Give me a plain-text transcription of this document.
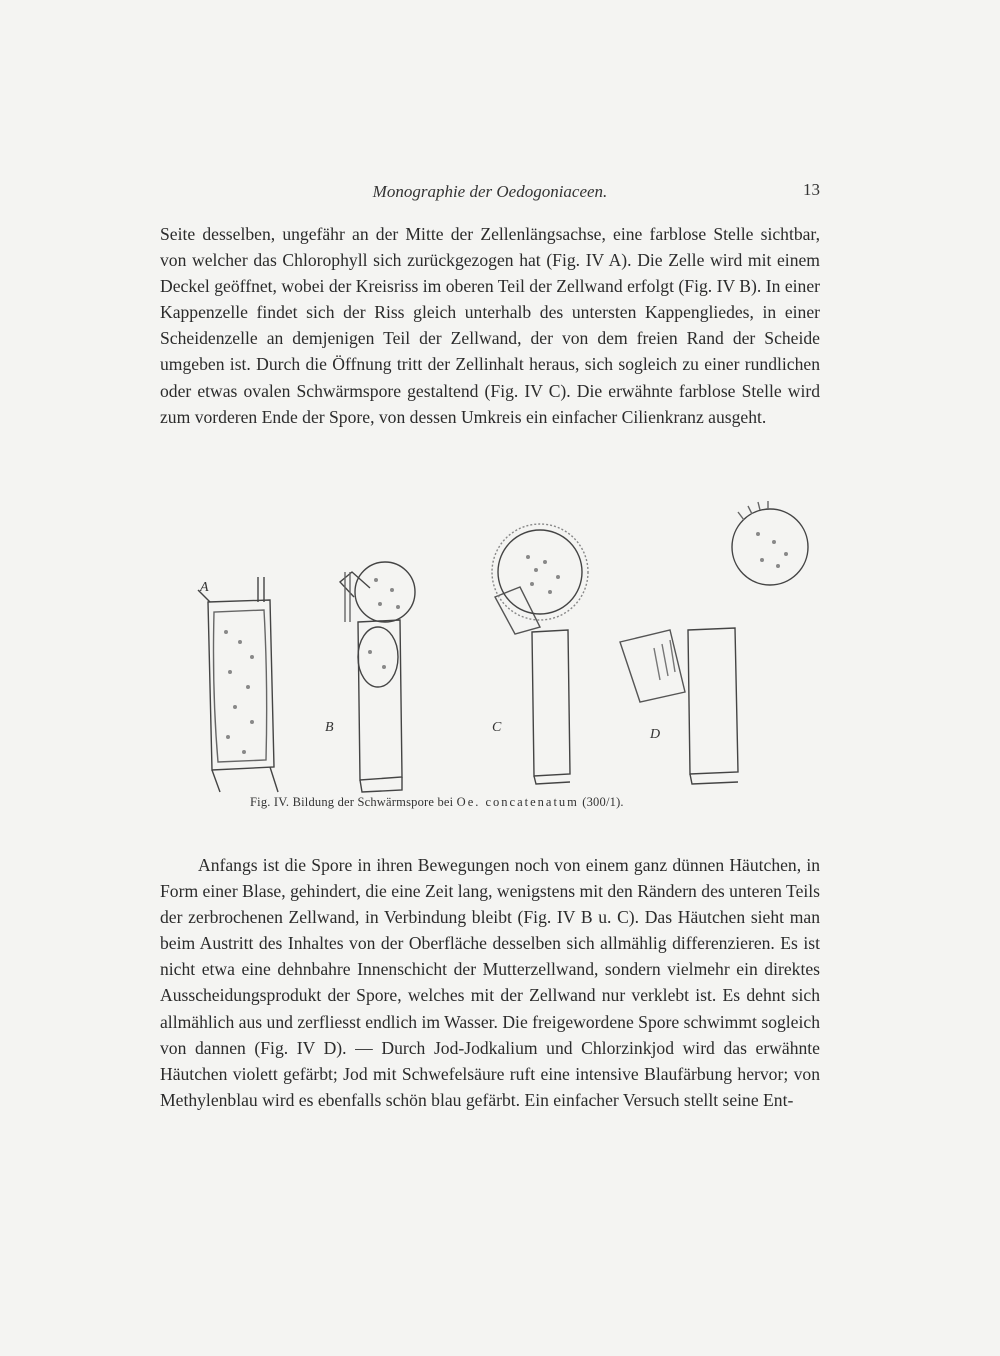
Monographie der Oedogoniaceen.	13

Seite desselben, ungefähr an der Mitte der Zellenlängsachse, eine farblose Stelle sichtbar, von welcher das Chlorophyll sich zurückgezogen hat (Fig. IV A). Die Zelle wird mit einem Deckel geöffnet, wobei der Kreisriss im oberen Teil der Zellwand erfolgt (Fig. IV B). In einer Kappenzelle findet sich der Riss gleich unterhalb des untersten Kappengliedes, in einer Scheidenzelle an demjenigen Teil der Zellwand, der von dem freien Rand der Scheide umgeben ist. Durch die Öffnung tritt der Zellinhalt heraus, sich sogleich zu einer rundlichen oder etwas ovalen Schwärmspore gestaltend (Fig. IV C). Die erwähnte farblose Stelle wird zum vorderen Ende der Spore, von dessen Umkreis ein einfacher Cilienkranz ausgeht.

A
B	C	D
Fig. IV. Bildung der Schwärmspore bei Oe. concatenatum (300/1).

Anfangs ist die Spore in ihren Bewegungen noch von einem ganz dünnen Häutchen, in Form einer Blase, gehindert, die eine Zeit lang, wenigstens mit den Rändern des unteren Teils der zerbrochenen Zellwand, in Verbindung bleibt (Fig. IV B u. C). Das Häutchen sieht man beim Austritt des Inhaltes von der Oberfläche desselben sich allmählig differenzieren. Es ist nicht etwa eine dehnbahre Innenschicht der Mutterzellwand, sondern vielmehr ein direktes Ausscheidungsprodukt der Spore, welches mit der Zellwand nur verklebt ist. Es dehnt sich allmählich aus und zerfliesst endlich im Wasser. Die freigewordene Spore schwimmt sogleich von dannen (Fig. IV D). — Durch Jod-Jodkalium und Chlorzinkjod wird das erwähnte Häutchen violett gefärbt; Jod mit Schwefelsäure ruft eine intensive Blaufärbung hervor; von Methylenblau wird es ebenfalls schön blau gefärbt. Ein einfacher Versuch stellt seine Ent-
